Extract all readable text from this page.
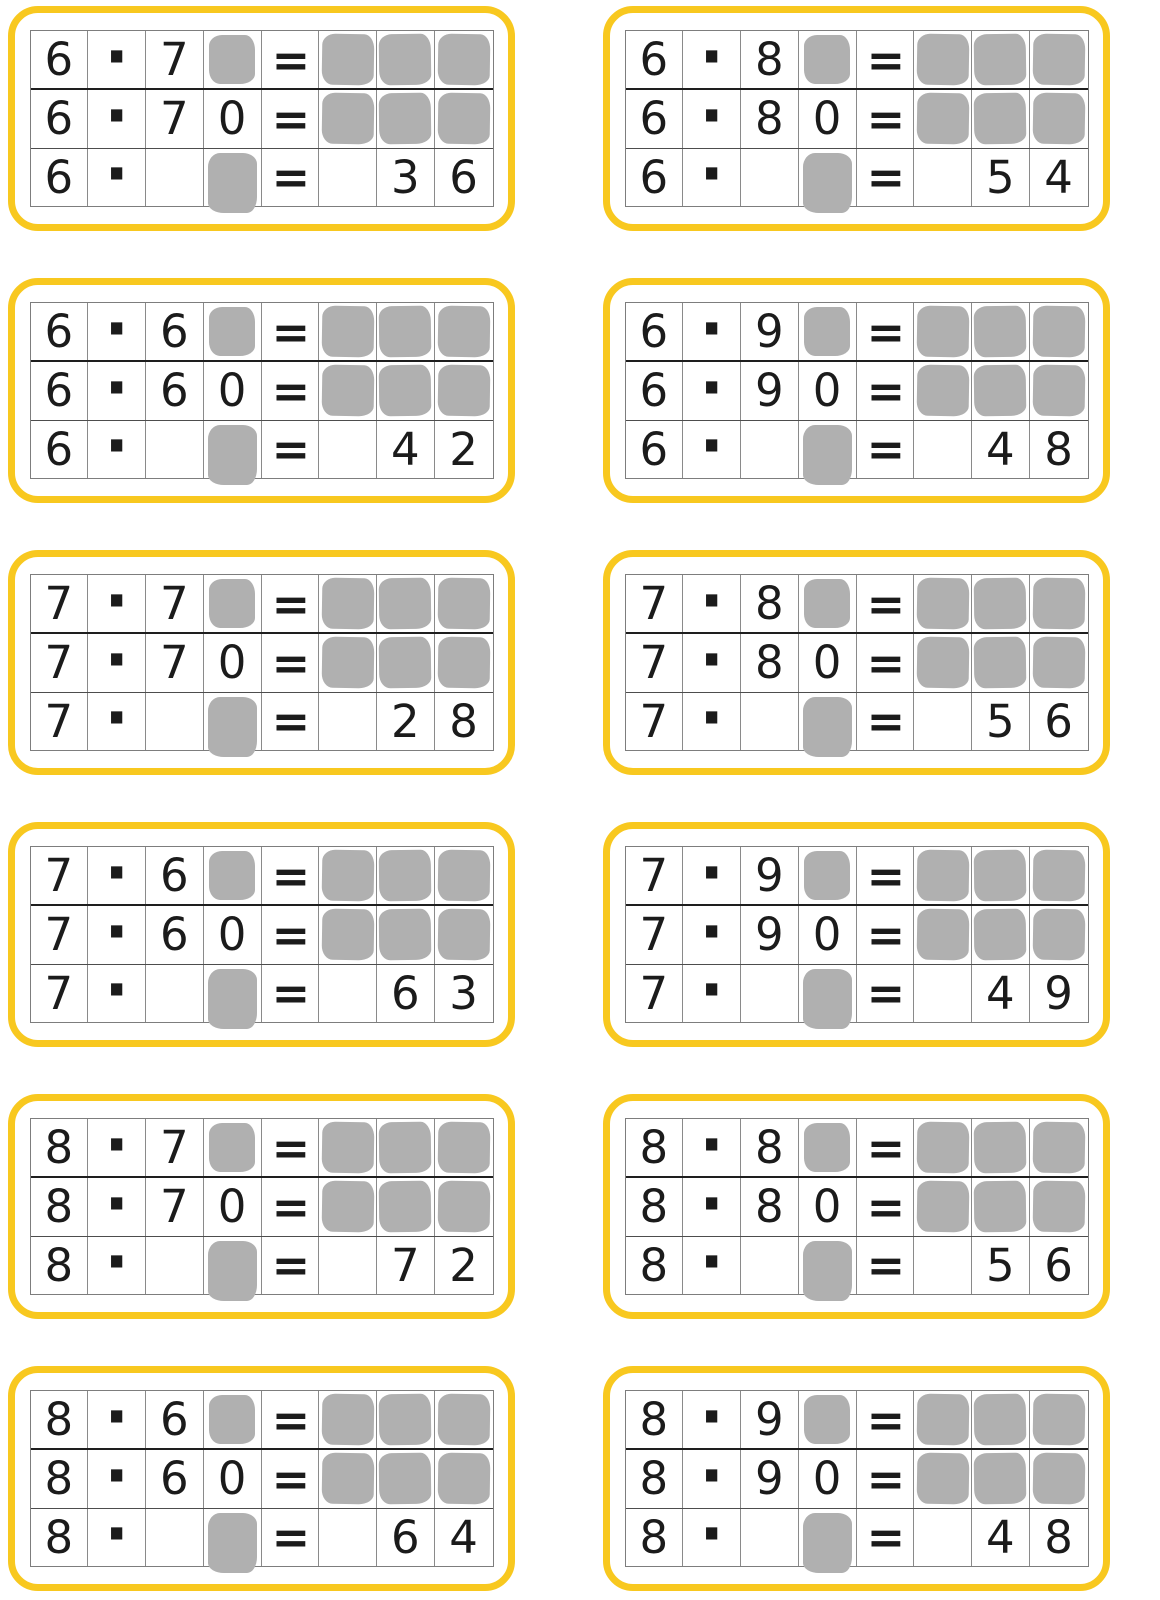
6 · 7	=
6 · 7 0 =
6 ·	=	3 6
6 · 8	=
6 · 8 0 =
6 ·	=	5 4
6 · 6	=
6 · 6 0 =
6 ·	=	4 2
6 · 9	=
6 · 9 0 =
6 ·	=	4 8
7 · 7	=
7 · 7 0 =
7 ·	=	2 8
7 · 8	=
7 · 8 0 =
7 ·	=	5 6
7 · 6	=
7 · 6 0 =
7 ·	=	6 3
7 · 9	=
7 · 9 0 =
7 ·	=	4 9
8 · 7	=
8 · 7 0 =
8 ·	=	7 2
8 · 8	=
8 · 8 0 =
8 ·	=	5 6
8 · 6	=
8 · 6 0 =
8 ·	=	6 4
8 · 9	=
8 · 9 0 =
8 ·	=	4 8
